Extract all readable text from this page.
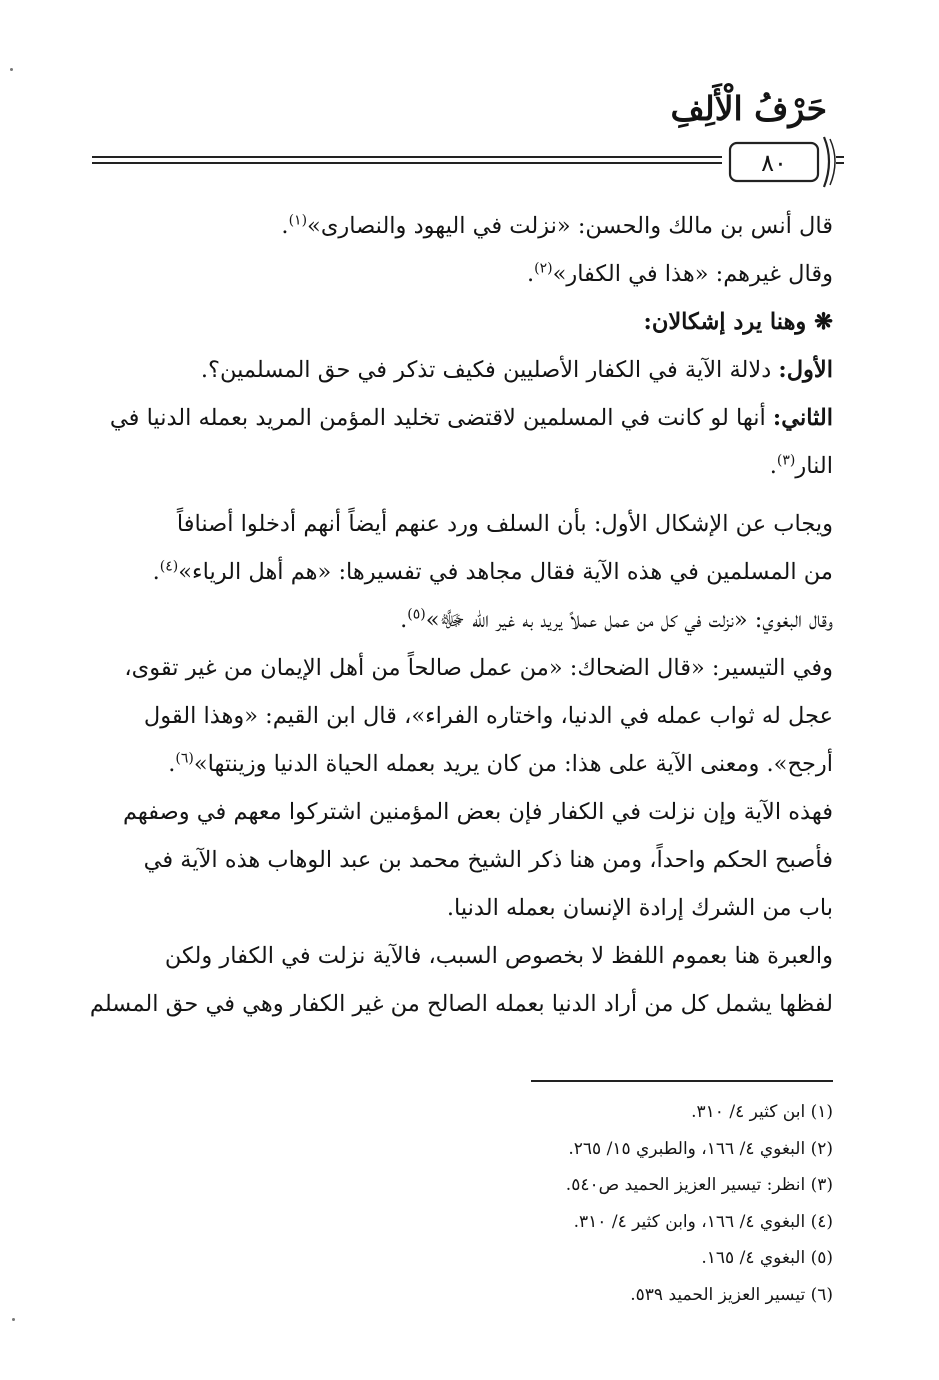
حَرْفُ الْأَلِفِ
٨٠
قال أنس بن مالك والحسن: «نزلت في اليهود والنصارى»$^{(١)}$.
وقال غيرهم: «هذا في الكفار»$^{(٢)}$.
❋ وهنا يرد إشكالان:
الأول: دلالة الآية في الكفار الأصليين فكيف تذكر في حق المسلمين؟.
الثاني: أنها لو كانت في المسلمين لاقتضى تخليد المؤمن المريد بعمله الدنيا في
النار$^{(٣)}$.
ويجاب عن الإشكال الأول: بأن السلف ورد عنهم أيضاً أنهم أدخلوا أصنافاً
من المسلمين في هذه الآية فقال مجاهد في تفسيرها: «هم أهل الرياء»$^{(٤)}$.
وقال البغوي: «نزلت في كل من عمل عملاً يريد به غير الله ﷻ»$^{(٥)}$.
وفي التيسير: «قال الضحاك: «من عمل صالحاً من أهل الإيمان من غير تقوى،
عجل له ثواب عمله في الدنيا، واختاره الفراء»، قال ابن القيم: «وهذا القول
أرجح». ومعنى الآية على هذا: من كان يريد بعمله الحياة الدنيا وزينتها»$^{(٦)}$.
فهذه الآية وإن نزلت في الكفار فإن بعض المؤمنين اشتركوا معهم في وصفهم
فأصبح الحكم واحداً، ومن هنا ذكر الشيخ محمد بن عبد الوهاب هذه الآية في
باب من الشرك إرادة الإنسان بعمله الدنيا.
والعبرة هنا بعموم اللفظ لا بخصوص السبب، فالآية نزلت في الكفار ولكن
لفظها يشمل كل من أراد الدنيا بعمله الصالح من غير الكفار وهي في حق المسلم
(١) ابن كثير ٤/ ٣١٠.
(٢) البغوي ٤/ ١٦٦، والطبري ١٥/ ٢٦٥.
(٣) انظر: تيسير العزيز الحميد ص٥٤٠.
(٤) البغوي ٤/ ١٦٦، وابن كثير ٤/ ٣١٠.
(٥) البغوي ٤/ ١٦٥.
(٦) تيسير العزيز الحميد ٥٣٩.
